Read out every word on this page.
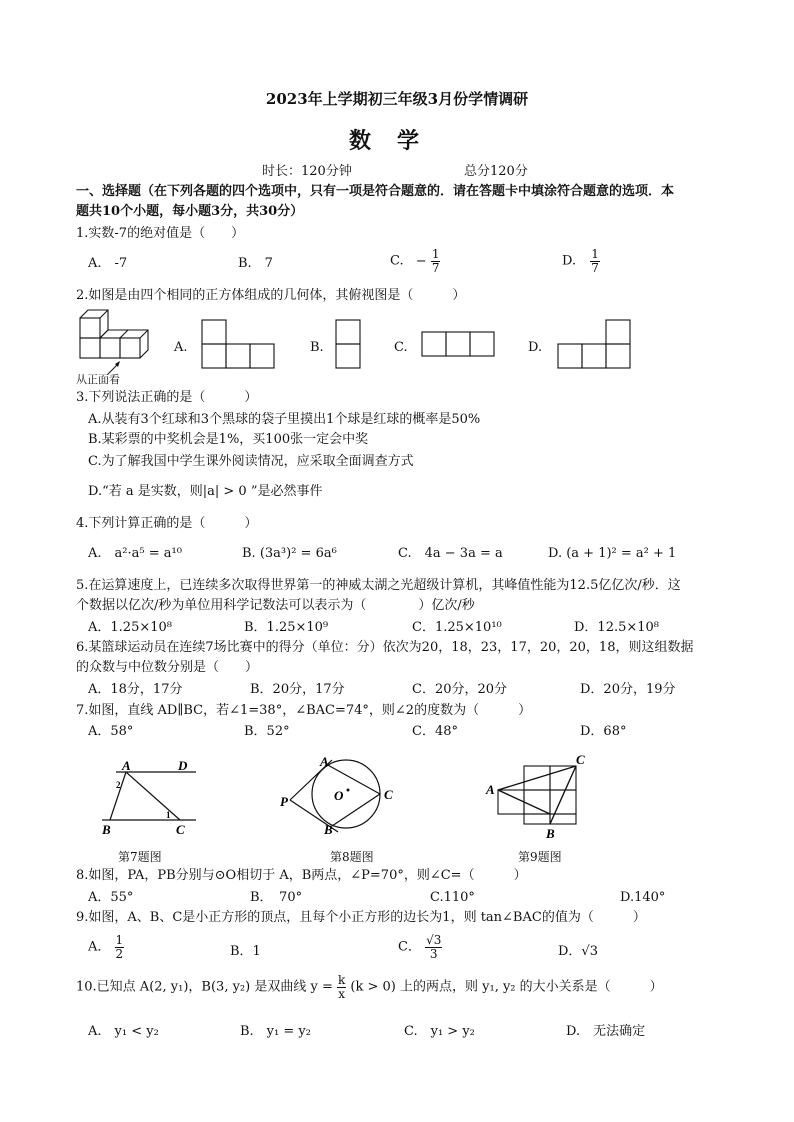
2023年上学期初三年级3月份学情调研
数学
时长：120分钟	总分120分
一、选择题（在下列各题的四个选项中，只有一项是符合题意的．请在答题卡中填涂符合题意的选项．本
题共10个小题，每小题3分，共30分）
1.实数-7的绝对值是（　　）
A.　-7	B.　7	C. − $\frac{1}{7}$	D. $\frac{1}{7}$
2.如图是由四个相同的正方体组成的几何体，其俯视图是（　　　）
从正面看
A.	B.	C.	D.
3.下列说法正确的是（　　　）
A.从装有3个红球和3个黑球的袋子里摸出1个球是红球的概率是50%
B.某彩票的中奖机会是1%，买100张一定会中奖
C.为了解我国中学生课外阅读情况，应采取全面调查方式
D.“若 a 是实数，则|a| > 0 ”是必然事件
4.下列计算正确的是（　　　）
A.　a²·a⁵ = a¹⁰	B. (3a³)² = 6a⁶	C.　4a − 3a = a	D. (a + 1)² = a² + 1
5.在运算速度上，已连续多次取得世界第一的神威太湖之光超级计算机，其峰值性能为12.5亿亿次/秒．这
个数据以亿次/秒为单位用科学记数法可以表示为（　　　　）亿次/秒
A．1.25×10⁸	B．1.25×10⁹	C．1.25×10¹⁰	D．12.5×10⁸
6.某篮球运动员在连续7场比赛中的得分（单位：分）依次为20，18，23，17，20，20，18，则这组数据
的众数与中位数分别是（　　）
A．18分，17分	B．20分，17分	C．20分，20分	D．20分，19分
7.如图，直线 AD∥BC，若∠1=38°，∠BAC=74°，则∠2的度数为（　　　）
A．58°	B．52°	C．48°	D．68°
A	D
B	C
2
1
第7题图
A
P	O	C
B
第8题图
C
A
B
第9题图
8.如图，PA，PB分别与⊙O相切于 A，B两点，∠P=70°，则∠C=（　　　）
A．55°	B．　70°	C.110°	D.140°
9.如图，A、B、C是小正方形的顶点，且每个小正方形的边长为1，则 tan∠BAC的值为（　　　）
A． $\frac{1}{2}$	B．1	C． $\frac{√3}{3}$	D．√3
10.已知点 A(2, y₁)，B(3, y₂) 是双曲线 $y = \frac{k}{x} (k > 0)$ 上的两点，则 y₁, y₂ 的大小关系是（　　　）
A.　y₁ < y₂	B.　y₁ = y₂	C.　y₁ > y₂	D.　无法确定
